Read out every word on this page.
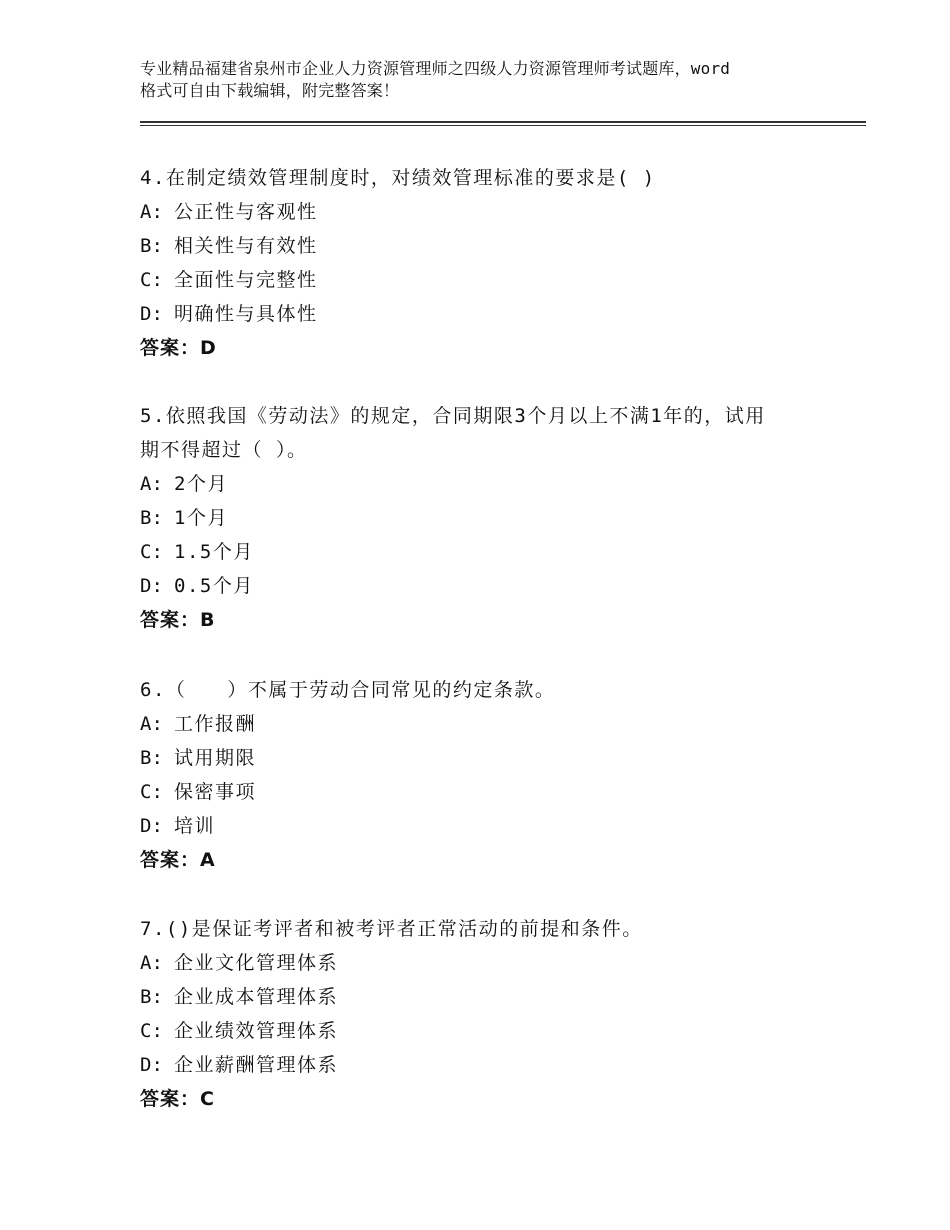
专业精品福建省泉州市企业人力资源管理师之四级人力资源管理师考试题库，word
格式可自由下载编辑，附完整答案！
4.在制定绩效管理制度时，对绩效管理标准的要求是( )
A: 公正性与客观性
B: 相关性与有效性
C: 全面性与完整性
D: 明确性与具体性
答案：D
5.依照我国《劳动法》的规定，合同期限3个月以上不满1年的，试用
期不得超过（ ）。
A: 2个月
B: 1个月
C: 1.5个月
D: 0.5个月
答案：B
6.（　　）不属于劳动合同常见的约定条款。
A: 工作报酬
B: 试用期限
C: 保密事项
D: 培训
答案：A
7.()是保证考评者和被考评者正常活动的前提和条件。
A: 企业文化管理体系
B: 企业成本管理体系
C: 企业绩效管理体系
D: 企业薪酬管理体系
答案：C
